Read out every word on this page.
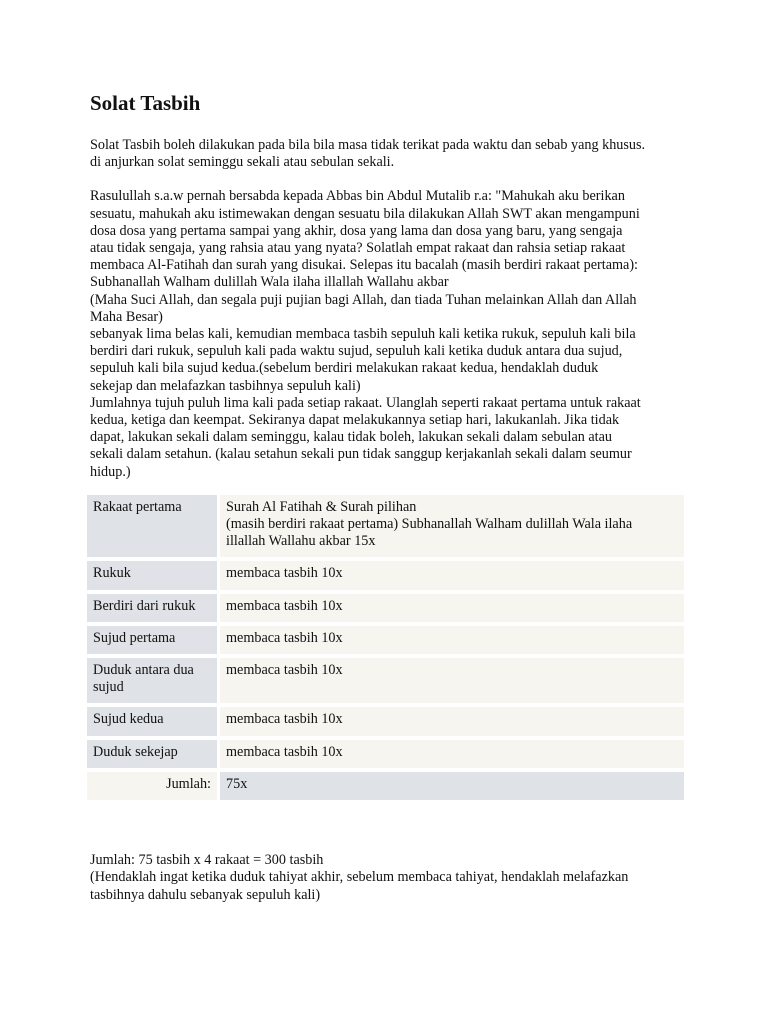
Solat Tasbih
Solat Tasbih boleh dilakukan pada bila bila masa tidak terikat pada waktu dan sebab yang khusus.
di anjurkan solat seminggu sekali atau sebulan sekali.
Rasulullah s.a.w pernah bersabda kepada Abbas bin Abdul Mutalib r.a: "Mahukah aku berikan
sesuatu, mahukah aku istimewakan dengan sesuatu bila dilakukan Allah SWT akan mengampuni
dosa dosa yang pertama sampai yang akhir, dosa yang lama dan dosa yang baru, yang sengaja
atau tidak sengaja, yang rahsia atau yang nyata? Solatlah empat rakaat dan rahsia setiap rakaat
membaca Al-Fatihah dan surah yang disukai. Selepas itu bacalah (masih berdiri rakaat pertama):
Subhanallah Walham dulillah Wala ilaha illallah Wallahu akbar
(Maha Suci Allah, dan segala puji pujian bagi Allah, dan tiada Tuhan melainkan Allah dan Allah
Maha Besar)
sebanyak lima belas kali, kemudian membaca tasbih sepuluh kali ketika rukuk, sepuluh kali bila
berdiri dari rukuk, sepuluh kali pada waktu sujud, sepuluh kali ketika duduk antara dua sujud,
sepuluh kali bila sujud kedua.(sebelum berdiri melakukan rakaat kedua, hendaklah duduk
sekejap dan melafazkan tasbihnya sepuluh kali)
Jumlahnya tujuh puluh lima kali pada setiap rakaat. Ulanglah seperti rakaat pertama untuk rakaat
kedua, ketiga dan keempat. Sekiranya dapat melakukannya setiap hari, lakukanlah. Jika tidak
dapat, lakukan sekali dalam seminggu, kalau tidak boleh, lakukan sekali dalam sebulan atau
sekali dalam setahun. (kalau setahun sekali pun tidak sanggup kerjakanlah sekali dalam seumur
hidup.)
Rakaat pertama	Surah Al Fatihah & Surah pilihan
(masih berdiri rakaat pertama) Subhanallah Walham dulillah Wala ilaha
illallah Wallahu akbar 15x

Rukuk	membaca tasbih 10x
Berdiri dari rukuk	membaca tasbih 10x
Sujud pertama	membaca tasbih 10x

Duduk antara dua
sujud	membaca tasbih 10x
Sujud kedua	membaca tasbih 10x
Duduk sekejap	membaca tasbih 10x
Jumlah:	75x
Jumlah: 75 tasbih x 4 rakaat = 300 tasbih
(Hendaklah ingat ketika duduk tahiyat akhir, sebelum membaca tahiyat, hendaklah melafazkan
tasbihnya dahulu sebanyak sepuluh kali)
